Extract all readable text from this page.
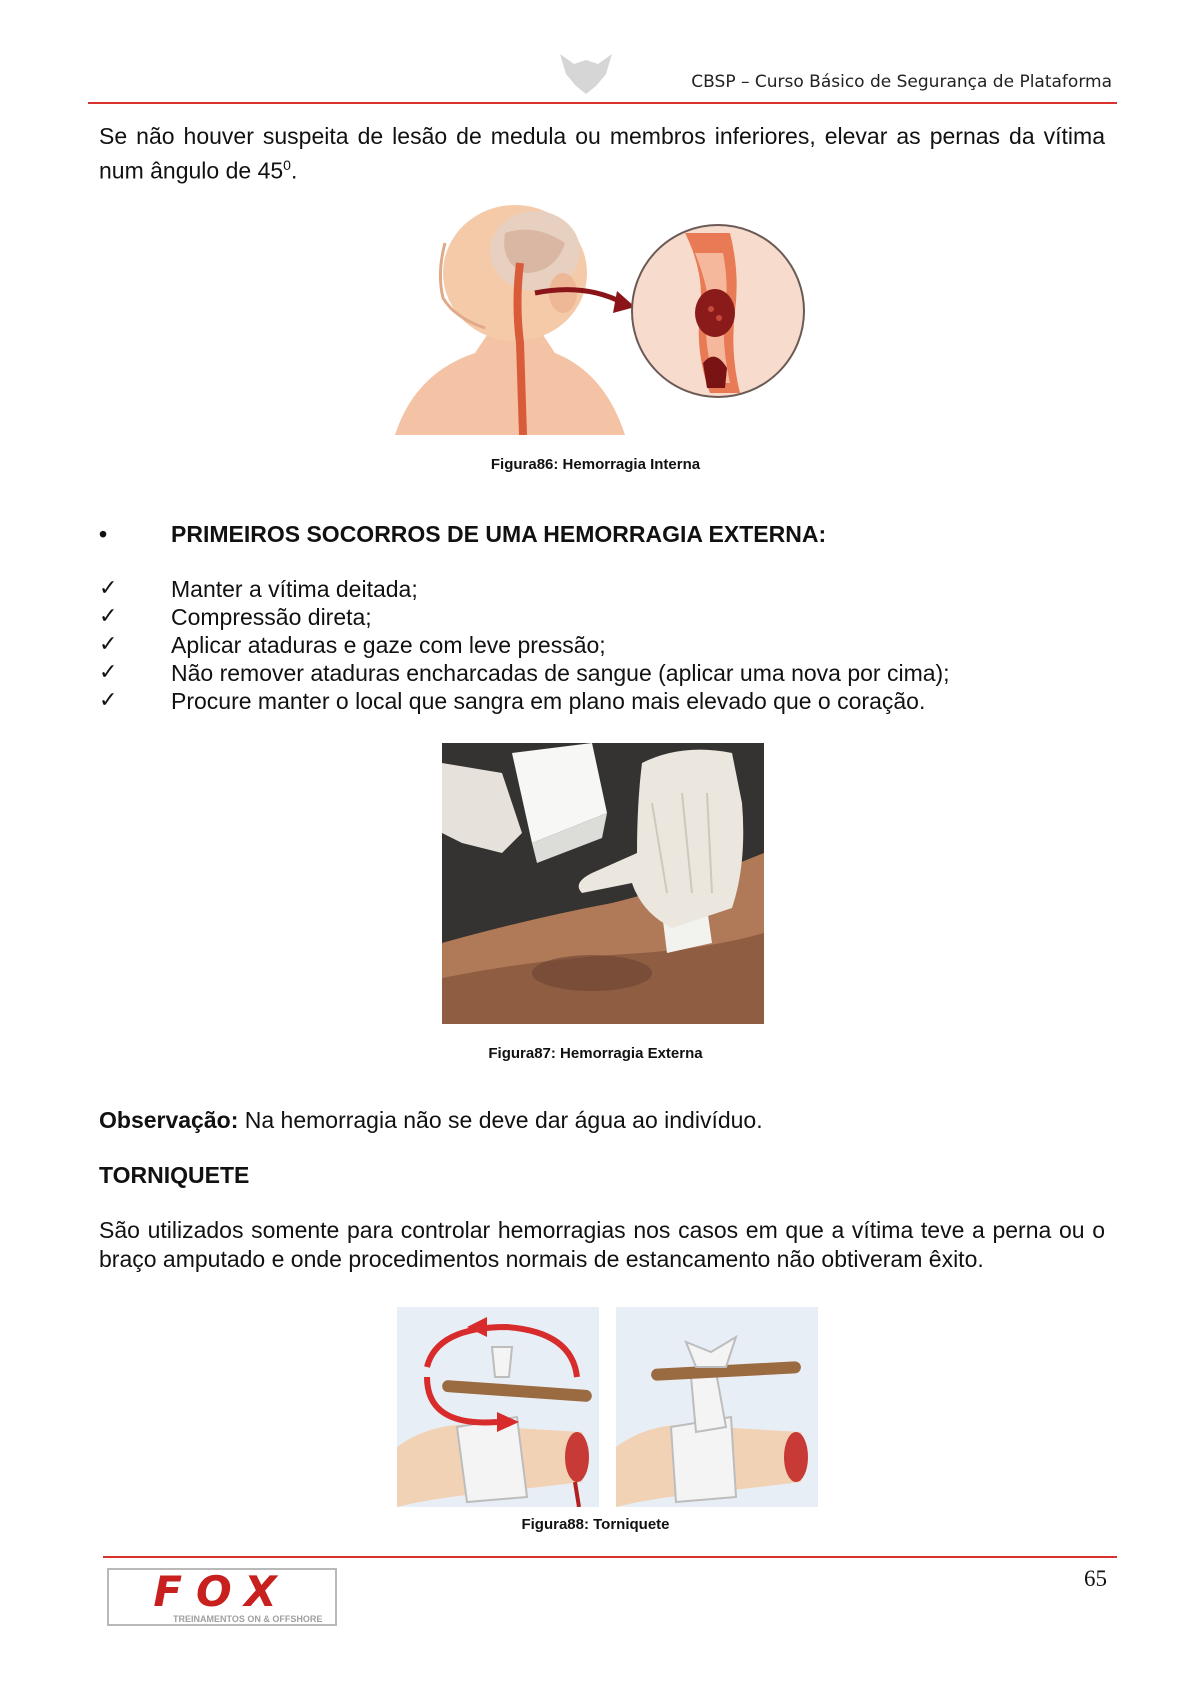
CBSP – Curso Básico de Segurança de Plataforma
Se não houver suspeita de lesão de medula ou membros inferiores, elevar as pernas da vítima num ângulo de $45^0$.
Figura86: Hemorragia Interna
•	PRIMEIROS SOCORROS DE UMA HEMORRAGIA EXTERNA:
✓ Manter a vítima deitada;
✓ Compressão direta;
✓ Aplicar ataduras e gaze com leve pressão;
✓ Não remover ataduras encharcadas de sangue (aplicar uma nova por cima);
✓ Procure manter o local que sangra em plano mais elevado que o coração.
Figura87: Hemorragia Externa
Observação: Na hemorragia não se deve dar água ao indivíduo.
TORNIQUETE
São utilizados somente para controlar hemorragias nos casos em que a vítima teve a perna ou o braço amputado e onde procedimentos normais de estancamento não obtiveram êxito.
Figura88: Torniquete
65
FOX
TREINAMENTOS ON & OFFSHORE
